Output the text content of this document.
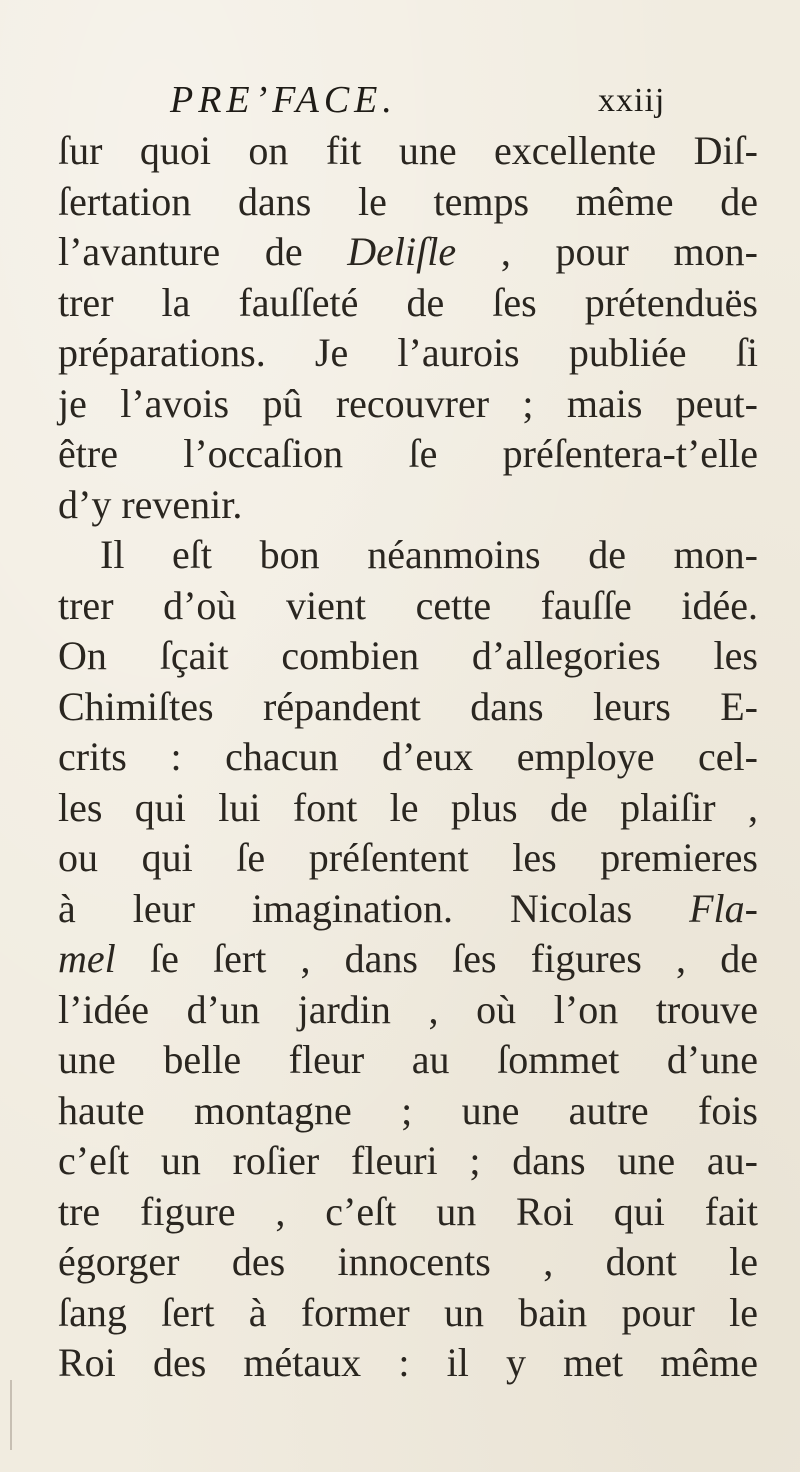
PRE’FACE.	xxiij
ſur quoi on fit une excellente Diſ-
ſertation dans le temps même de
l’avanture de Deliſle , pour mon-
trer la fauſſeté de ſes prétenduës
préparations. Je l’aurois publiée ſi
je l’avois pû recouvrer ; mais peut-
être l’occaſion ſe préſentera-t’elle
d’y revenir.
Il eſt bon néanmoins de mon-
trer d’où vient cette fauſſe idée.
On ſçait combien d’allegories les
Chimiſtes répandent dans leurs E-
crits : chacun d’eux employe cel-
les qui lui font le plus de plaiſir ,
ou qui ſe préſentent les premieres
à leur imagination. Nicolas Fla-
mel ſe ſert , dans ſes figures , de
l’idée d’un jardin , où l’on trouve
une belle fleur au ſommet d’une
haute montagne ; une autre fois
c’eſt un roſier fleuri ; dans une au-
tre figure , c’eſt un Roi qui fait
égorger des innocents , dont le
ſang ſert à former un bain pour le
Roi des métaux : il y met même
